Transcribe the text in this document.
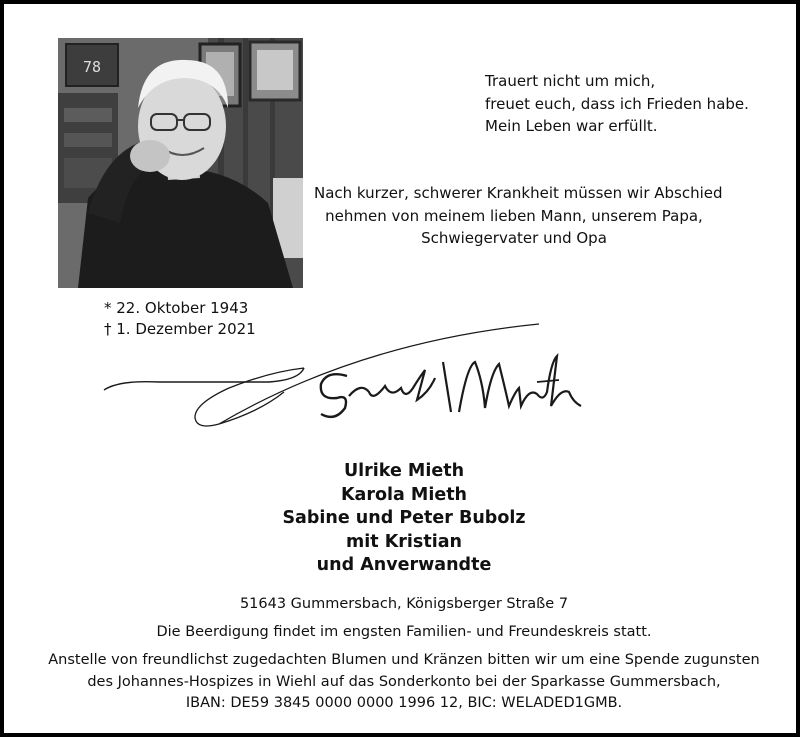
78
Trauert nicht um mich,
freuet euch, dass ich Frieden habe.
Mein Leben war erfüllt.
Nach kurzer, schwerer Krankheit müssen wir Abschied
nehmen von meinem lieben Mann, unserem Papa,
Schwiegervater und Opa
* 22. Oktober 1943
† 1. Dezember 2021
Ulrike Mieth
Karola Mieth
Sabine und Peter Bubolz
mit Kristian
und Anverwandte
51643 Gummersbach, Königsberger Straße 7
Die Beerdigung findet im engsten Familien- und Freundeskreis statt.
Anstelle von freundlichst zugedachten Blumen und Kränzen bitten wir um eine Spende zugunsten
des Johannes-Hospizes in Wiehl auf das Sonderkonto bei der Sparkasse Gummersbach,
IBAN: DE59 3845 0000 0000 1996 12, BIC: WELADED1GMB.
